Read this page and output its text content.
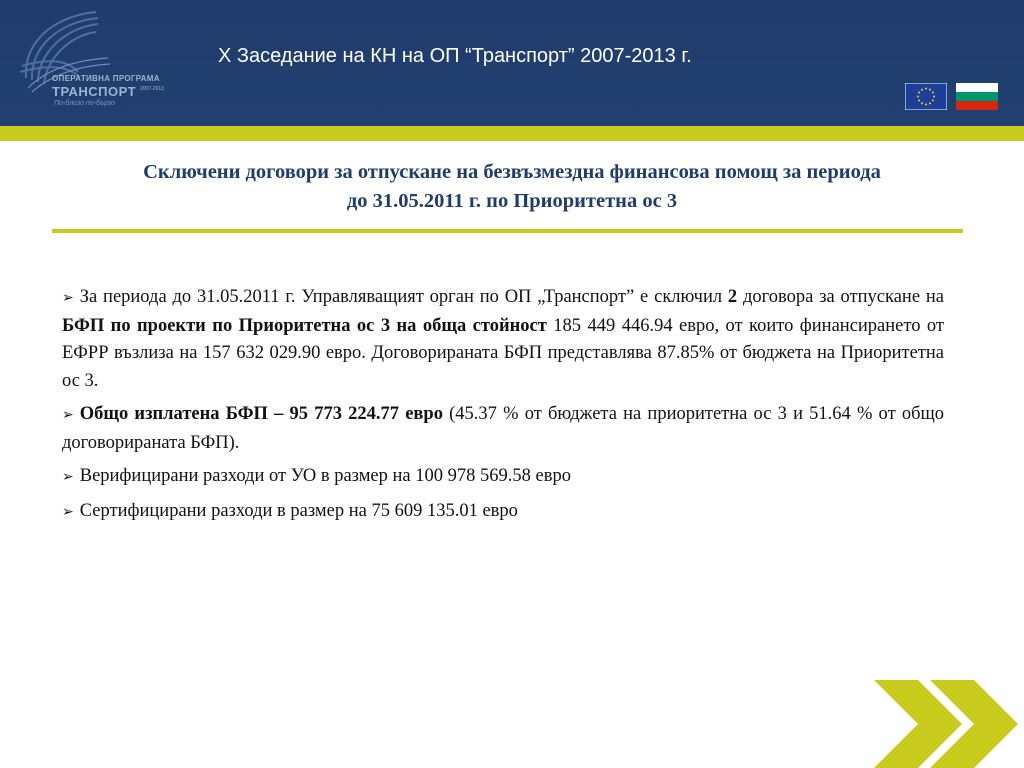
ОПЕРАТИВНА ПРОГРАМА
ТРАНСПОРТ 2007-2013
По-близо по-бързо
Х Заседание на КН на ОП “Транспорт” 2007-2013 г.
Сключени договори за отпускане на безвъзмездна финансова помощ за периода
до 31.05.2011 г. по Приоритетна ос 3

➢ За периода до 31.05.2011 г. Управляващият орган по ОП „Транспорт” е сключил 2 договора за отпускане на БФП по проекти по Приоритетна ос 3 на обща стойност 185 449 446.94 евро, от които финансирането от ЕФРР възлиза на 157 632 029.90 евро. Договорираната БФП представлява 87.85% от бюджета на Приоритетна ос 3.

➢ Общо изплатена БФП – 95 773 224.77 евро (45.37 % от бюджета на приоритетна ос 3 и 51.64 % от общо договорираната БФП).

➢ Верифицирани разходи от УО в размер на 100 978 569.58 евро

➢ Сертифицирани разходи в размер на 75 609 135.01 евро
